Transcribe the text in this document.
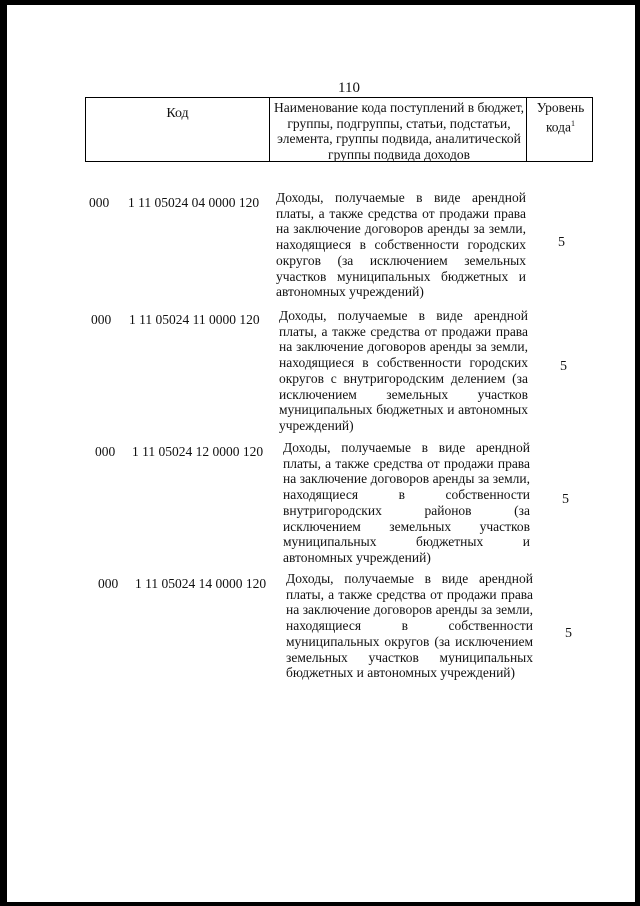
110
Код	Наименование кода поступлений в бюджет, группы, подгруппы, статьи, подстатьи, элемента, группы подвида, аналитической группы подвида доходов
Уровень кода$^1$
000 1 11 05024 04 0000 120 Доходы, получаемые в виде арендной платы, а также средства от продажи права на заключение договоров аренды за земли, находящиеся в собственности городских округов (за исключением земельных участков муниципальных бюджетных и автономных учреждений)
5
000 1 11 05024 11 0000 120 Доходы, получаемые в виде арендной платы, а также средства от продажи права на заключение договоров аренды за земли, находящиеся в собственности городских округов с внутригородским делением (за исключением земельных участков муниципальных бюджетных и автономных учреждений)
5
000 1 11 05024 12 0000 120 Доходы, получаемые в виде арендной платы, а также средства от продажи права на заключение договоров аренды за земли, находящиеся в собственности внутригородских районов (за исключением земельных участков муниципальных бюджетных и автономных учреждений)
5
000 1 11 05024 14 0000 120 Доходы, получаемые в виде арендной платы, а также средства от продажи права на заключение договоров аренды за земли, находящиеся в собственности муниципальных округов (за исключением земельных участков муниципальных бюджетных и автономных учреждений)
5
